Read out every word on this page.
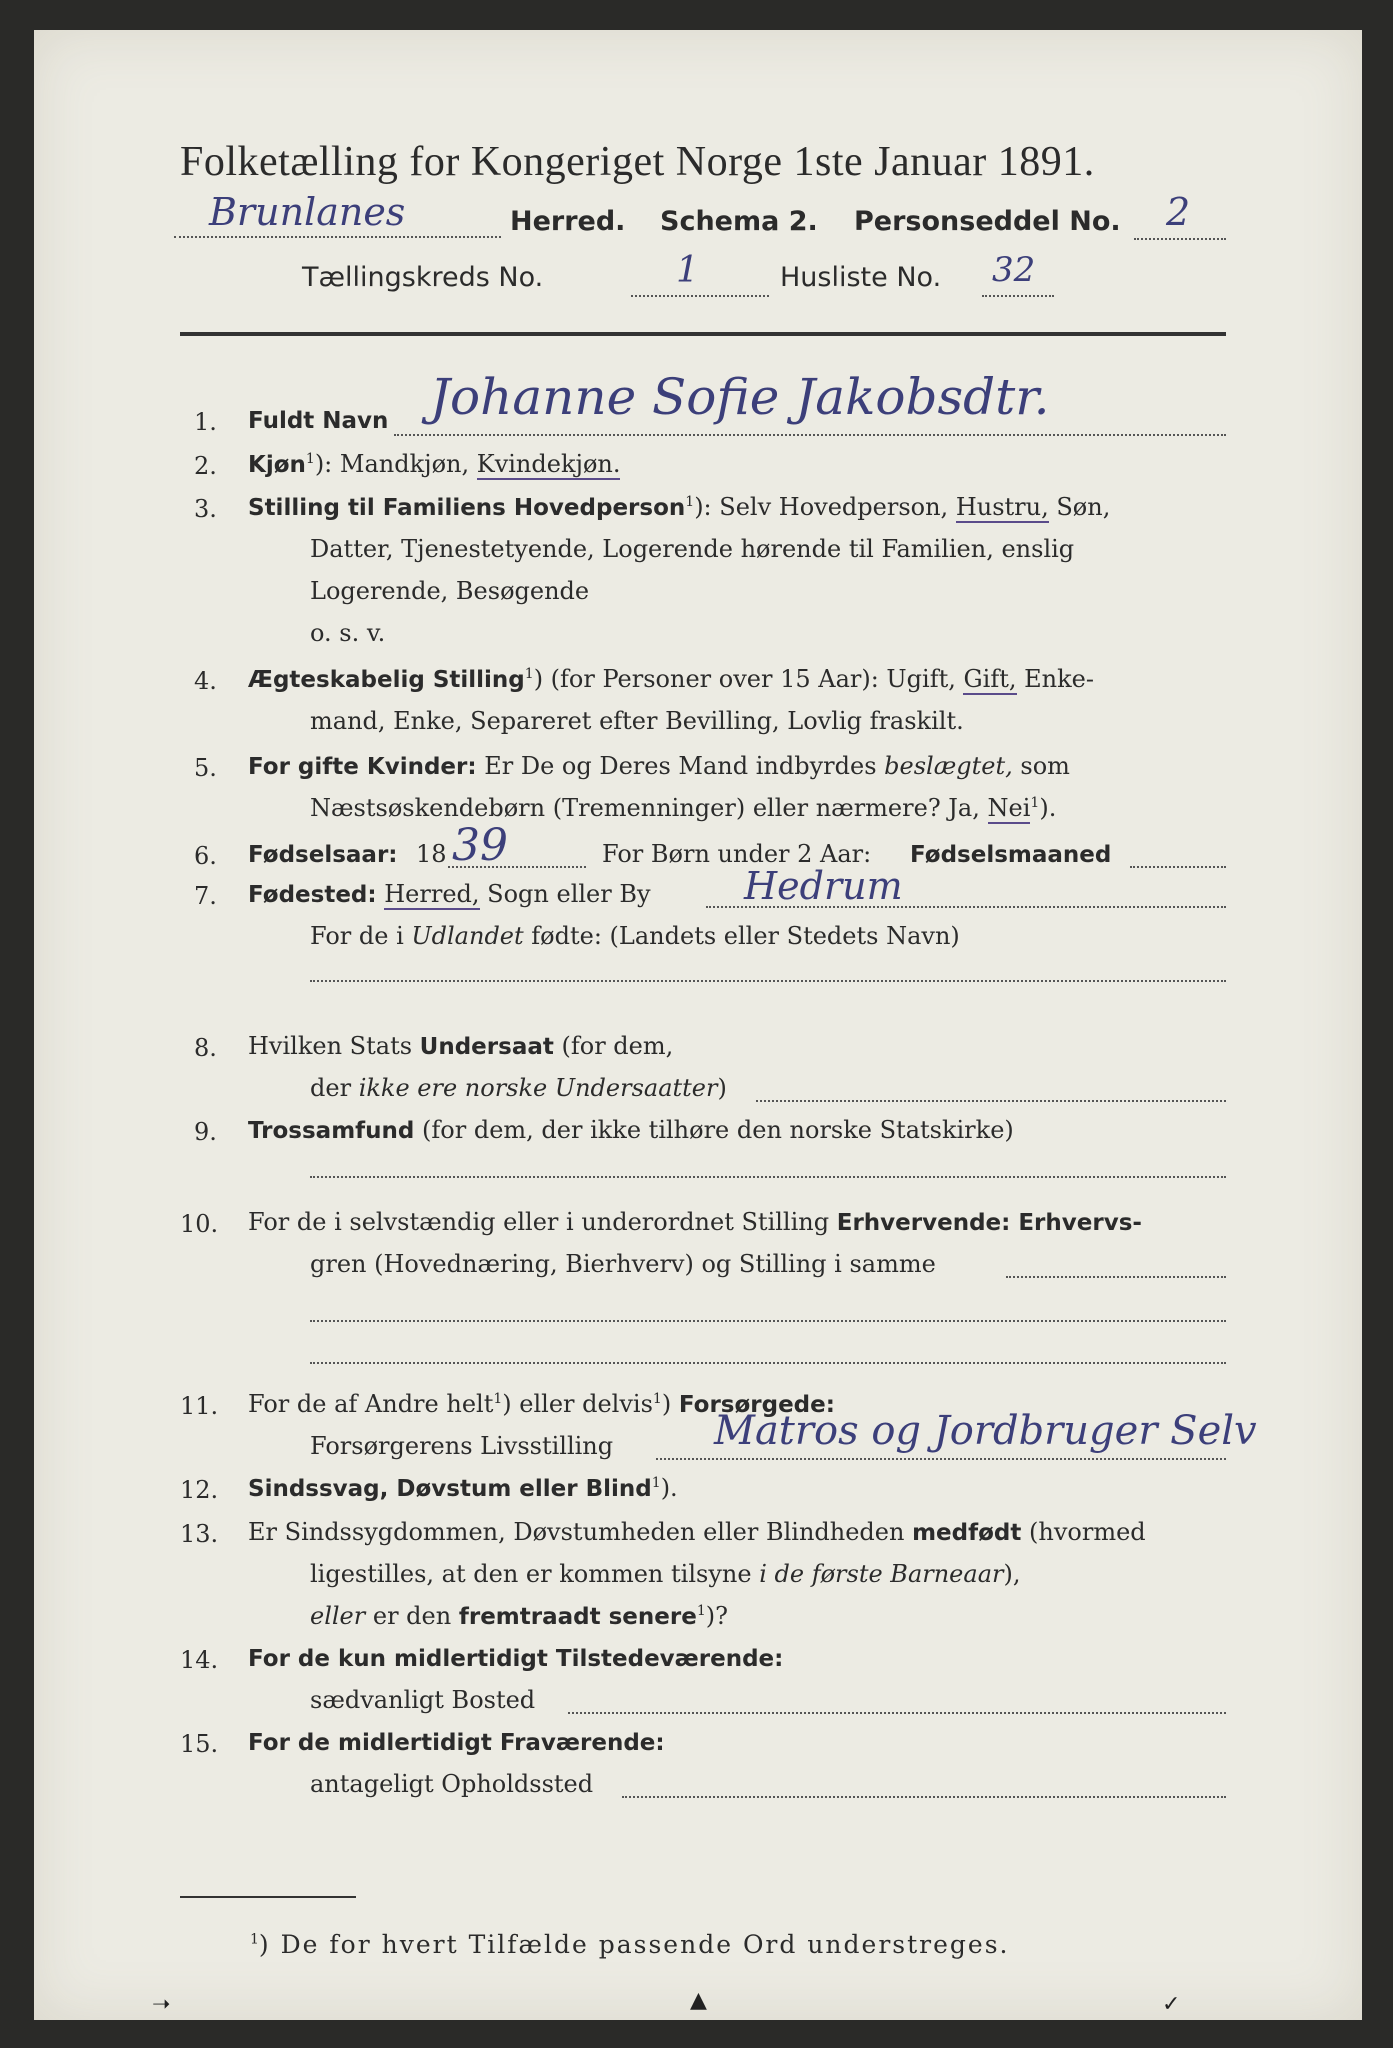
Folketælling for Kongeriget Norge 1ste Januar 1891.
Brunlanes	Herred. Schema 2. Personseddel No. 2
Tællingskreds No.	1	Husliste No. 32
1. Fuldt Navn Johanne Sofie Jakobsdtr.
2. Kjøn$^1$): Mandkjøn, Kvindekjøn.
3. Stilling til Familiens Hovedperson$^1$): Selv Hovedperson, Hustru, Søn,
Datter, Tjenestetyende, Logerende hørende til Familien, enslig
Logerende, Besøgende
o. s. v.
4. Ægteskabelig Stilling$^1$) (for Personer over 15 Aar): Ugift, Gift, Enke-
mand, Enke, Separeret efter Bevilling, Lovlig fraskilt.
5. For gifte Kvinder: Er De og Deres Mand indbyrdes beslægtet, som
Næstsøskendebørn (Tremenninger) eller nærmere? Ja, Nei$^1$).
6. Fødselsaar: 18 39	For Børn under 2 Aar: Fødselsmaaned
7. Fødested: Herred, Sogn eller By Hedrum
For de i Udlandet fødte: (Landets eller Stedets Navn)
8. Hvilken Stats Undersaat (for dem,
der ikke ere norske Undersaatter)
9. Trossamfund (for dem, der ikke tilhøre den norske Statskirke)
10. For de i selvstændig eller i underordnet Stilling Erhvervende: Erhvervs-
gren (Hovednæring, Bierhverv) og Stilling i samme
11. For de af Andre helt$^1$) eller delvis$^1$) Forsørgede:
Forsørgerens Livsstilling	Matros og Jordbruger Selv
12. Sindssvag, Døvstum eller Blind$^1$).
13. Er Sindssygdommen, Døvstumheden eller Blindheden medfødt (hvormed
ligestilles, at den er kommen tilsyne i de første Barneaar),
eller er den fremtraadt senere$^1$)?
14. For de kun midlertidigt Tilstedeværende:
sædvanligt Bosted
15. For de midlertidigt Fraværende:
antageligt Opholdssted
$^1$) De for hvert Tilfælde passende Ord understreges.
➝	▲	✓
